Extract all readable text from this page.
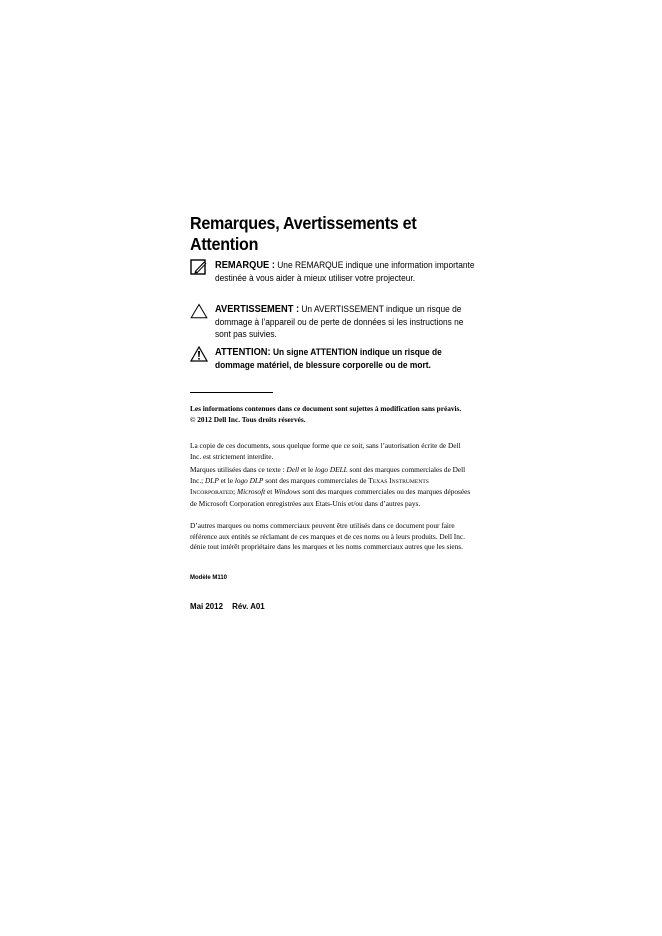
Remarques, Avertissements et Attention
REMARQUE : Une REMARQUE indique une information importante destinée à vous aider à mieux utiliser votre projecteur.
AVERTISSEMENT : Un AVERTISSEMENT indique un risque de dommage à l’appareil ou de perte de données si les instructions ne sont pas suivies.
ATTENTION: Un signe ATTENTION indique un risque de dommage matériel, de blessure corporelle ou de mort.

Les informations contenues dans ce document sont sujettes à modification sans préavis.
© 2012 Dell Inc. Tous droits réservés.

La copie de ces documents, sous quelque forme que ce soit, sans l’autorisation écrite de Dell Inc. est strictement interdite.

Marques utilisées dans ce texte : Dell et le logo DELL sont des marques commerciales de Dell Inc.; DLP et le logo DLP sont des marques commerciales de TEXAS INSTRUMENTS INCORPORATED; Microsoft et Windows sont des marques commerciales ou des marques déposées de Microsoft Corporation enregistrées aux Etats-Unis et/ou dans d’autres pays.

D’autres marques ou noms commerciaux peuvent être utilisés dans ce document pour faire référence aux entités se réclamant de ces marques et de ces noms ou à leurs produits. Dell Inc. dénie tout intérêt propriétaire dans les marques et les noms commerciaux autres que les siens.

Modèle M110

Mai 2012 Rév. A01
